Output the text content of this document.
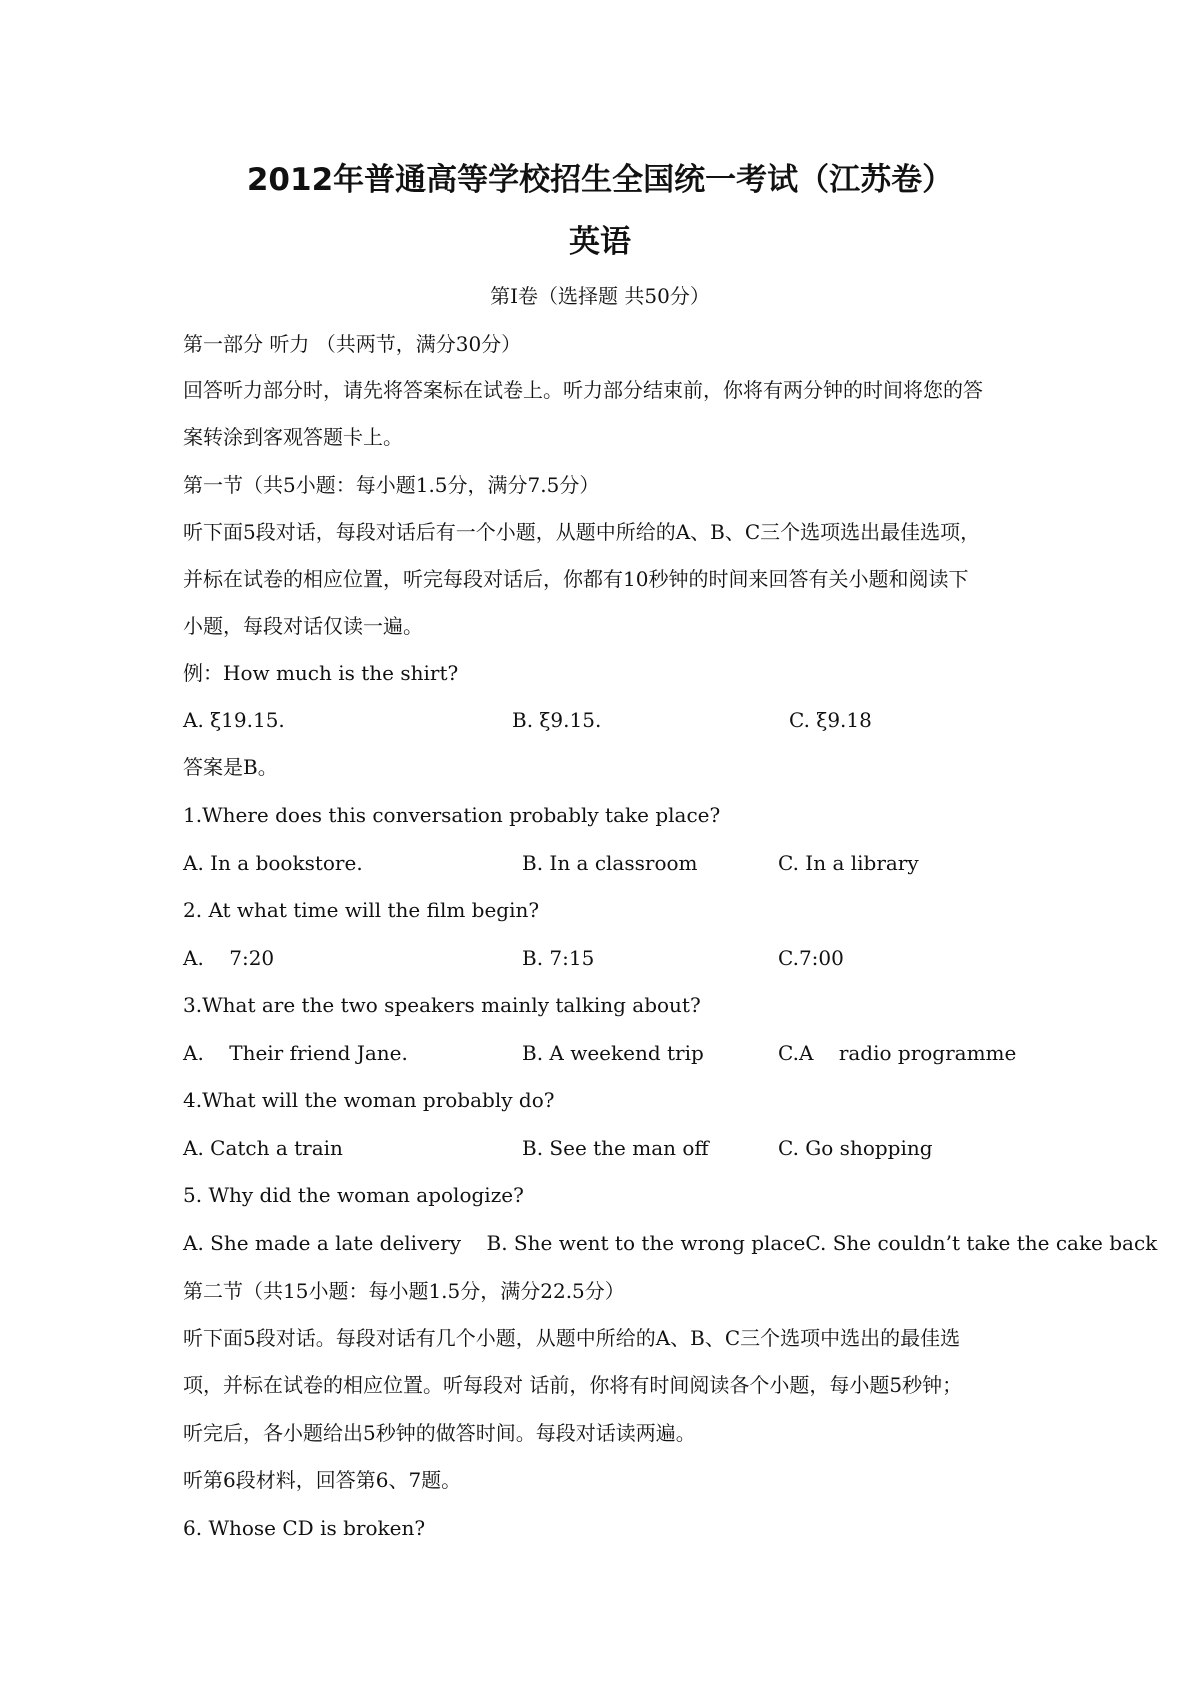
2012年普通高等学校招生全国统一考试（江苏卷）
英语
第Ⅰ卷（选择题 共50分）
第一部分 听力 （共两节，满分30分）
回答听力部分时，请先将答案标在试卷上。听力部分结束前，你将有两分钟的时间将您的答
案转涂到客观答题卡上。
第一节（共5小题：每小题1.5分，满分7.5分）
听下面5段对话，每段对话后有一个小题，从题中所给的A、B、C三个选项选出最佳选项，
并标在试卷的相应位置，听完每段对话后，你都有10秒钟的时间来回答有关小题和阅读下
小题，每段对话仅读一遍。
例：How much is the shirt?
A. ξ19.15.	B. ξ9.15.	C. ξ9.18
答案是B。
1.Where does this conversation probably take place?
A. In a bookstore.	B. In a classroom	C. In a library
2. At what time will the film begin?
A.    7:20	B. 7:15	C.7:00
3.What are the two speakers mainly talking about?
A.    Their friend Jane.	B. A weekend trip	C.A    radio programme
4.What will the woman probably do?
A. Catch a train	B. See the man off	C. Go shopping
5. Why did the woman apologize?
A. She made a late delivery    B. She went to the wrong placeC. She couldn’t take the cake back
第二节（共15小题：每小题1.5分，满分22.5分）
听下面5段对话。每段对话有几个小题，从题中所给的A、B、C三个选项中选出的最佳选
项，并标在试卷的相应位置。听每段对 话前，你将有时间阅读各个小题，每小题5秒钟；
听完后，各小题给出5秒钟的做答时间。每段对话读两遍。
听第6段材料，回答第6、7题。
6. Whose CD is broken?
